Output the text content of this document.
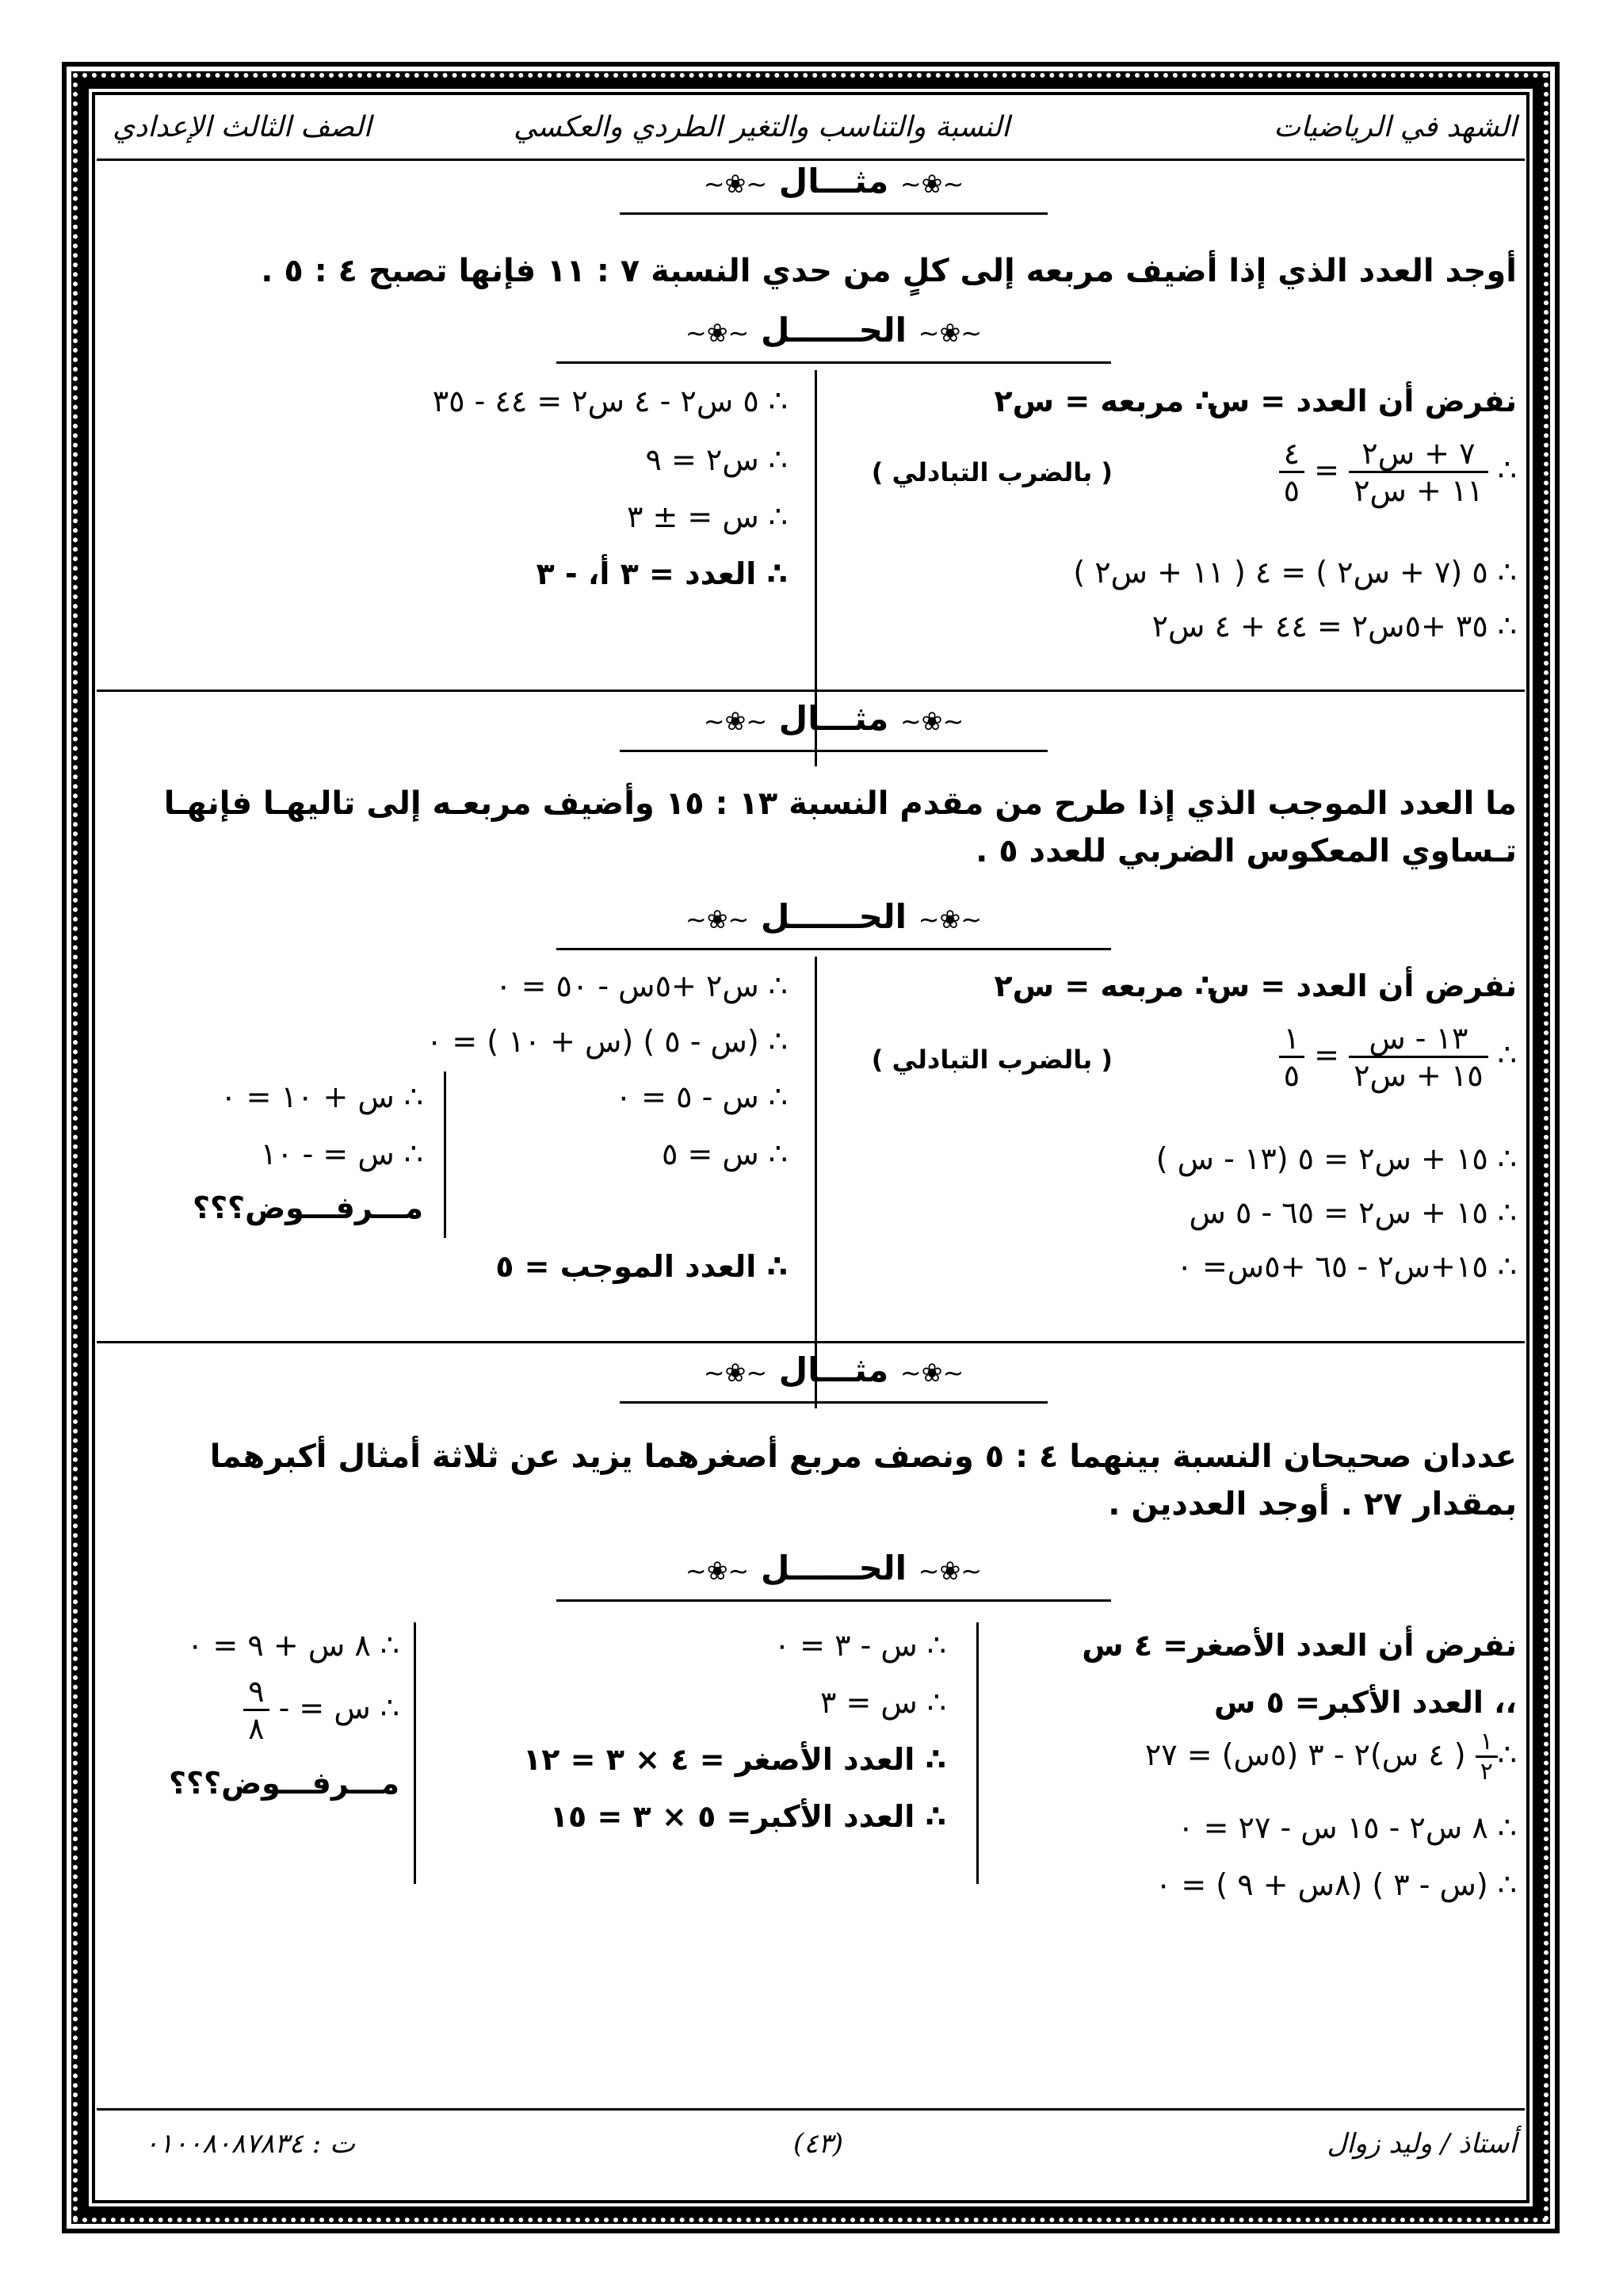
الشهد في الرياضيات
النسبة والتناسب والتغير الطردي والعكسي
الصف الثالث الإعدادي
~❀~ مثـــال ~❀~
أوجد العدد الذي إذا أضيف مربعه إلى كلٍ من حدي النسبة ٧ : ١١ فإنها تصبح ٤ : ٥ .
~❀~ الحــــــل ~❀~
نفرض أن العدد = س
∴ مربعه = س٢
∴
$\frac{\text{٧ + س٢}}{\text{١١ + س٢}}$
=
$\frac{٤}{٥}$
( بالضرب التبادلي )
∴ ٥ (٧ + س٢ ) = ٤ ( ١١ + س٢ )
∴ ٣٥ +٥س٢ = ٤٤ + ٤ س٢
∴ ٥ س٢ - ٤ س٢ = ٤٤ - ٣٥
∴ س٢ = ٩
∴ س = ± ٣
∴ العدد = ٣ أ، - ٣
~❀~ مثـــال ~❀~
ما العدد الموجب الذي إذا طرح من مقدم النسبة ١٣ : ١٥ وأضيف مربعـه إلى تاليهـا فإنهـا تـساوي المعكوس الضربي للعدد ٥ .
~❀~ الحــــــل ~❀~
نفرض أن العدد = س
∴ مربعه = س٢
∴
$\frac{\text{١٣ - س}}{\text{١٥ + س٢}}$
=
$\frac{١}{٥}$
( بالضرب التبادلي )
∴ ١٥ + س٢ = ٥ (١٣ - س )
∴ ١٥ + س٢ = ٦٥ - ٥ س
∴ ١٥+س٢ - ٦٥ +٥س= ٠
∴ س٢ +٥س - ٥٠ = ٠
∴ (س - ٥ ) (س + ١٠ ) = ٠
∴ س - ٥ = ٠
∴ س = ٥
∴ س + ١٠ = ٠
∴ س = - ١٠
مـــرفـــوض؟؟؟
∴ العدد الموجب = ٥
~❀~ مثـــال ~❀~
عددان صحيحان النسبة بينهما ٤ : ٥ ونصف مربع أصغرهما يزيد عن ثلاثة أمثال أكبرهما بمقدار ٢٧ . أوجد العددين .
~❀~ الحــــــل ~❀~
نفرض أن العدد الأصغر= ٤ س
،، العدد الأكبر= ٥ س
∴
$\frac{١}{٢}$
( ٤ س)٢ - ٣ (٥س) = ٢٧
∴ ٨ س٢ - ١٥ س - ٢٧ = ٠
∴ (س - ٣ ) (٨س + ٩ ) = ٠
∴ س - ٣ = ٠
∴ س = ٣
∴ العدد الأصغر = ٤ × ٣ = ١٢
∴ العدد الأكبر= ٥ × ٣ = ١٥
∴ ٨ س + ٩ = ٠
∴ س = -
$\frac{٩}{٨}$
مـــرفـــوض؟؟؟
أستاذ / وليد زوال
(٤٣)
ت : ٠١٠٠٨٠٨٧٨٣٤
